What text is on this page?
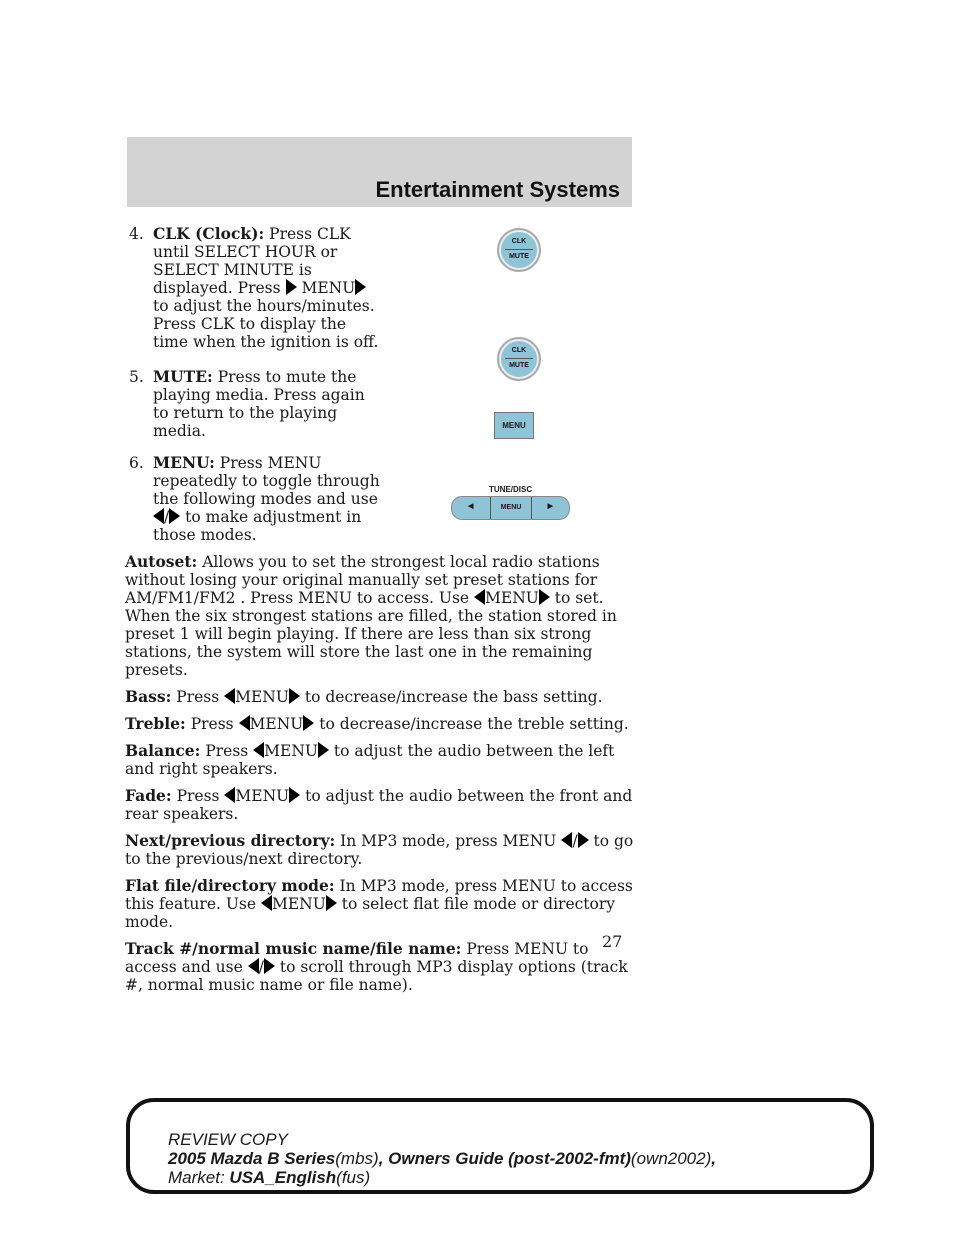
Entertainment Systems
CLK
MUTE
CLK
MUTE
MENU
TUNE/DISC
◀	MENU	▶
4. CLK (Clock): Press CLK until SELECT HOUR or SELECT MINUTE is displayed. Press MENU to adjust the hours/minutes. Press CLK to display the time when the ignition is off.
5. MUTE: Press to mute the playing media. Press again to return to the playing media.
6. MENU: Press MENU repeatedly to toggle through the following modes and use / to make adjustment in those modes.
Autoset: Allows you to set the strongest local radio stations without losing your original manually set preset stations for AM/FM1/FM2 . Press MENU to access. Use MENU to set. When the six strongest stations are filled, the station stored in preset 1 will begin playing. If there are less than six strong stations, the system will store the last one in the remaining presets.
Bass: Press MENU to decrease/increase the bass setting.
Treble: Press MENU to decrease/increase the treble setting.
Balance: Press MENU to adjust the audio between the left and right speakers.
Fade: Press MENU to adjust the audio between the front and rear speakers.
Next/previous directory: In MP3 mode, press MENU / to go to the previous/next directory.
Flat file/directory mode: In MP3 mode, press MENU to access this feature. Use MENU to select flat file mode or directory mode.
Track #/normal music name/file name: Press MENU to access and use / to scroll through MP3 display options (track #, normal music name or file name).
27
REVIEW COPY
2005 Mazda B Series(mbs), Owners Guide (post-2002-fmt)(own2002),
Market: USA_English(fus)
